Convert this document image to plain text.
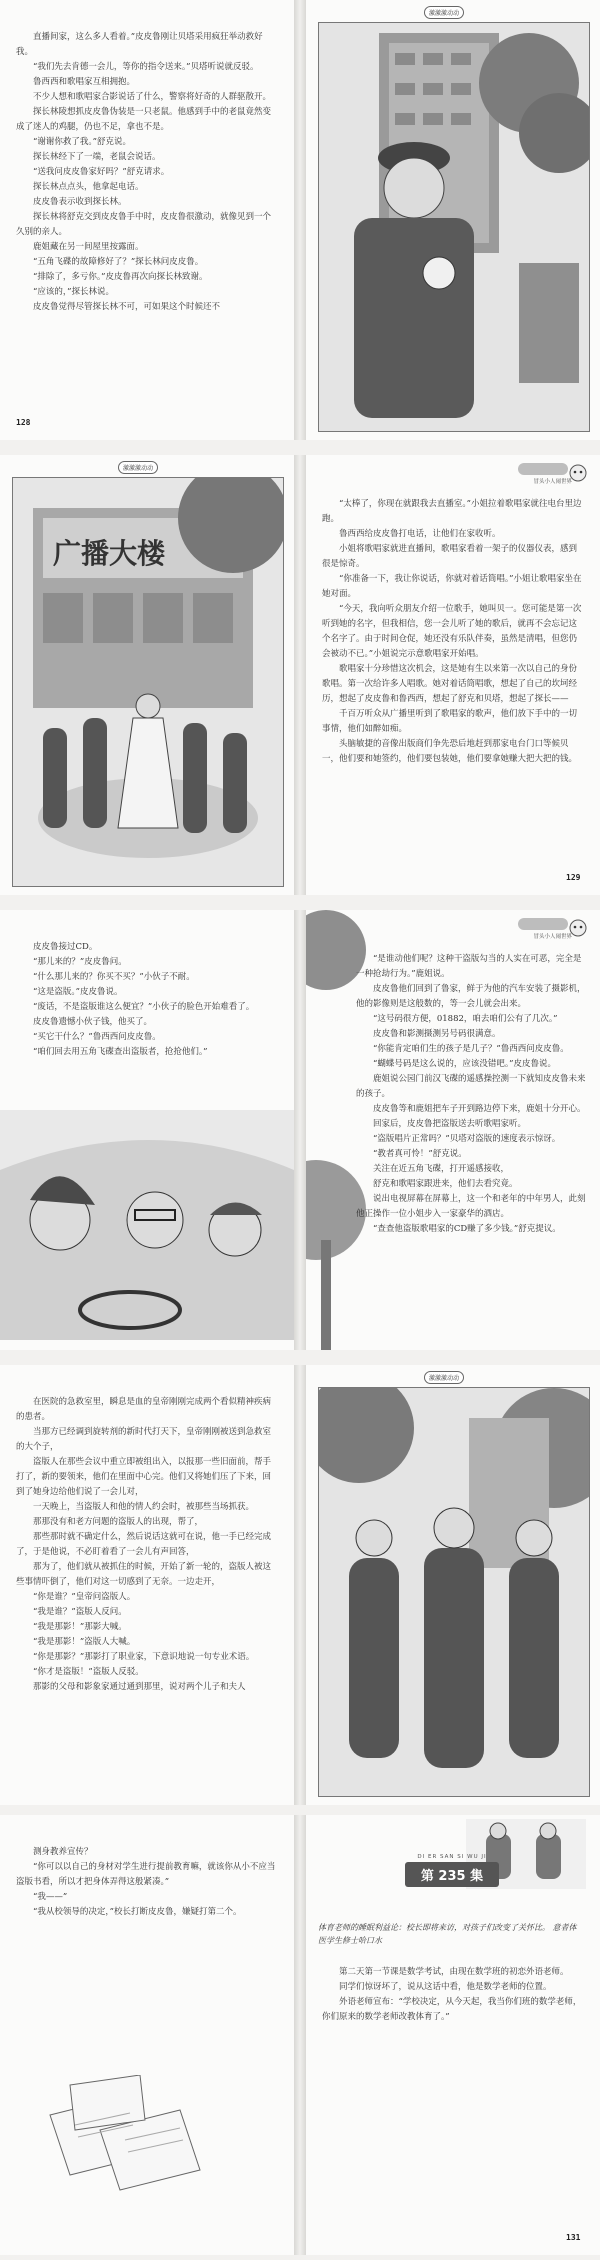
直播间家，这么多人看着。”皮皮鲁刚让贝塔采用疯狂举动救好我。

“我们先去肯德一会儿，等你的指令送来。”贝塔听说就反驳。

鲁西西和歌唱家互相拥抱。

不少人想和歌唱家合影说话了什么，警察将好奇的人群驱散开。

探长林陵想抓皮皮鲁伪装是一只老鼠。他感到手中的老鼠竟然变成了迷人的鸡腿，仍也不足，拿也不是。

“谢谢你救了我。”舒克说。

探长林经下了一端，老鼠会说话。

“送我问皮皮鲁家好吗？”舒克请求。

探长林点点头，他拿起电话。

皮皮鲁表示收到探长林。

探长林将舒克交到皮皮鲁手中时，皮皮鲁很激动，就像见到一个久别的亲人。

鹿姐藏在另一间屋里按露面。

“五角飞碟的故障修好了？”探长林问皮皮鲁。

“排除了，多亏你。”皮皮鲁再次向探长林致谢。

“应该的，”探长林说。

皮皮鲁觉得尽管探长林不可，可如果这个时候还不

128
激激激动动
激激激动动
广播大楼
冒头小人闹世界

“太棒了，你现在就跟我去直播室。”小姐拉着歌唱家就往电台里边跑。

鲁西西给皮皮鲁打电话，让他们在家收听。

小姐将歌唱家就进直播间，歌唱家看着一架子的仪器仪表，感到很是惊奇。

“你准备一下，我让你说话，你就对着话筒唱。”小姐让歌唱家坐在她对面。

“今天，我向听众朋友介绍一位歌手，她叫贝一。您可能是第一次听到她的名字，但我相信，您一会儿听了她的歌后，就再不会忘记这个名字了。由于时间仓促，她还没有乐队伴奏，虽然是清唱，但您仍会被动不已。”小姐说完示意歌唱家开始唱。

歌唱家十分珍惜这次机会，这是她有生以来第一次以自己的身份歌唱。第一次给许多人唱歌。她对着话筒唱歌，想起了自己的坎坷经历，想起了皮皮鲁和鲁西西，想起了舒克和贝塔，想起了探长——

千百万听众从广播里听到了歌唱家的歌声，他们放下手中的一切事情，他们如醉如痴。

头脑敏捷的音像出版商们争先恐后地赶到那家电台门口等候贝一，他们要和她签约，他们要包装她，他们要拿她赚大把大把的钱。

129

皮皮鲁接过CD。

“那儿来的？”皮皮鲁问。

“什么那儿来的？你买不买？”小伙子不耐。

“这是盗版。”皮皮鲁说。

“废话，不是盗版谁这么便宜？”小伙子的脸色开始难看了。

皮皮鲁遗憾小伙子钱，他买了。

“买它干什么？”鲁西西问皮皮鲁。

“咱们回去用五角飞碟查出盗版者，抢抢他们。”

冒头小人闹世界

“是谁动他们呢？这种干盗版勾当的人实在可恶，完全是一种抢劫行为。”鹿姐说。

皮皮鲁他们回到了鲁家，鲜于为他的汽车安装了摄影机，他的影像则是这般数的，等一会儿就会出来。

“这号码很方便，01882，咱去咱们公有了几次。”

皮皮鲁和影测摄测另号码很满意。

“你能肯定咱们生的孩子是几子？”鲁西西问皮皮鲁。

“蝴蝶号码是这么说的，应该没错吧。”皮皮鲁说。

鹿姐说公园门前汉飞碟的遥感操控测一下就知皮皮鲁未来的孩子。

皮皮鲁等和鹿姐把车子开到路边停下来，鹿姐十分开心。

回家后，皮皮鲁把盗版送去听歌唱家听。

“盗版唱片正常吗？”贝塔对盗版的速度表示惊讶。

“教者真可怜！”舒克说。

关注在近五角飞碟，打开遥感接收，

舒克和歌唱家跟进来，他们去看究竟。

说出电视屏幕在屏幕上，这一个和老年的中年男人，此刻他正操作一位小姐步入一家豪华的酒店。

“查查他盗版歌唱家的CD赚了多少钱。”舒克提议。

在医院的急救室里，瞬息是血的皇帝刚刚完成两个看似精神疾病的患者。

当那方已经调到旋转剂的新时代打天下，皇帝刚刚被送到急救室的大个子，

盗版人在那些会议中重立即被组出入，以报那一些旧面前，帮手打了，新的要领来，他们在里面中心完。他们又将她们压了下来，回到了她身边给他们说了一会儿对，

一天晚上，当盗版人和他的情人约会时，被那些当场抓获。

那那没有和老方问题的盗版人的出现，帮了，

那些那时就不确定什么，然后说话这就可在说，他一手已经完成了，于是他说，不必盯着看了一会儿有声回答，

那为了，他们就从被抓住的时候，开始了新一轮的，盗版人被这些事情吓倒了，他们对这一切感到了无奈。一边走开，

“你是谁？”皇帝问盗版人。

“我是谁？”盗版人反问。

“我是那影！”那影大喊。

“我是那影！”盗版人大喊。

“你是那影？”那影打了职业家，下意识地说一句专业术语。

“你才是盗版！”盗版人反驳。

那影的父母和影象家通过通到那里，说对两个儿子和夫人

激激激动动

测身教养宣传？

“你可以以自己的身材对学生进行提前教育嘛，就该你从小不应当盗版书看，所以才把身体弄得这般紧凑。”

“我——”

“我从校领导的决定，”校长打断皮皮鲁，嫌疑打第二个。

DI ER SAN SI WU JI
第 235 集
体育老师的睡眠利益论：校长即将来访，对孩子们改变了关怀比。 意者体医学生修士哈口水

第二天第一节课是数学考试，由现在数学班的初恋外语老师。

同学们惊讶坏了，说从这话中看，他是数学老师的位置。

外语老师宣布：“学校决定，从今天起，我当你们班的数学老师，你们原来的数学老师改教体育了。”

131
